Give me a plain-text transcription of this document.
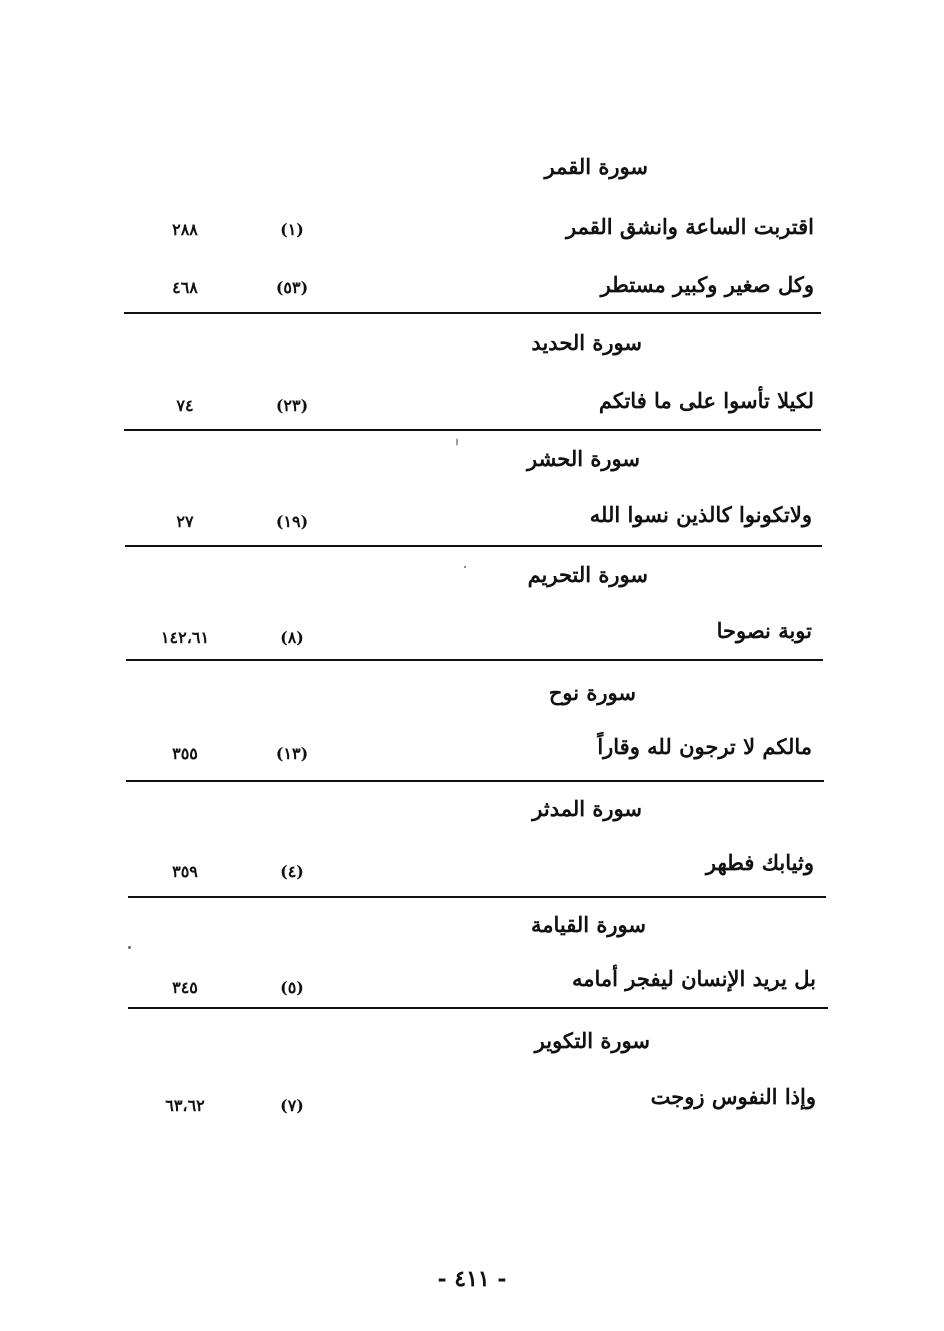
سورة القمر
اقتربت الساعة وانشق القمر
(١)
٢٨٨
وكل صغير وكبير مستطر
(٥٣)
٤٦٨
سورة الحديد
لكيلا تأسوا على ما فاتكم
(٢٣)
٧٤
سورة الحشر
ولاتكونوا كالذين نسوا الله
(١٩)
٢٧
سورة التحريم
توبة نصوحا
(٨)
١٤٢،٦١
سورة نوح
مالكم لا ترجون لله وقاراً
(١٣)
٣٥٥
سورة المدثر
وثيابك فطهر
(٤)
٣٥٩
سورة القيامة
بل يريد الإنسان ليفجر أمامه
(٥)
٣٤٥
سورة التكوير
وإذا النفوس زوجت
(٧)
٦٣،٦٢
- ٤١١ -
